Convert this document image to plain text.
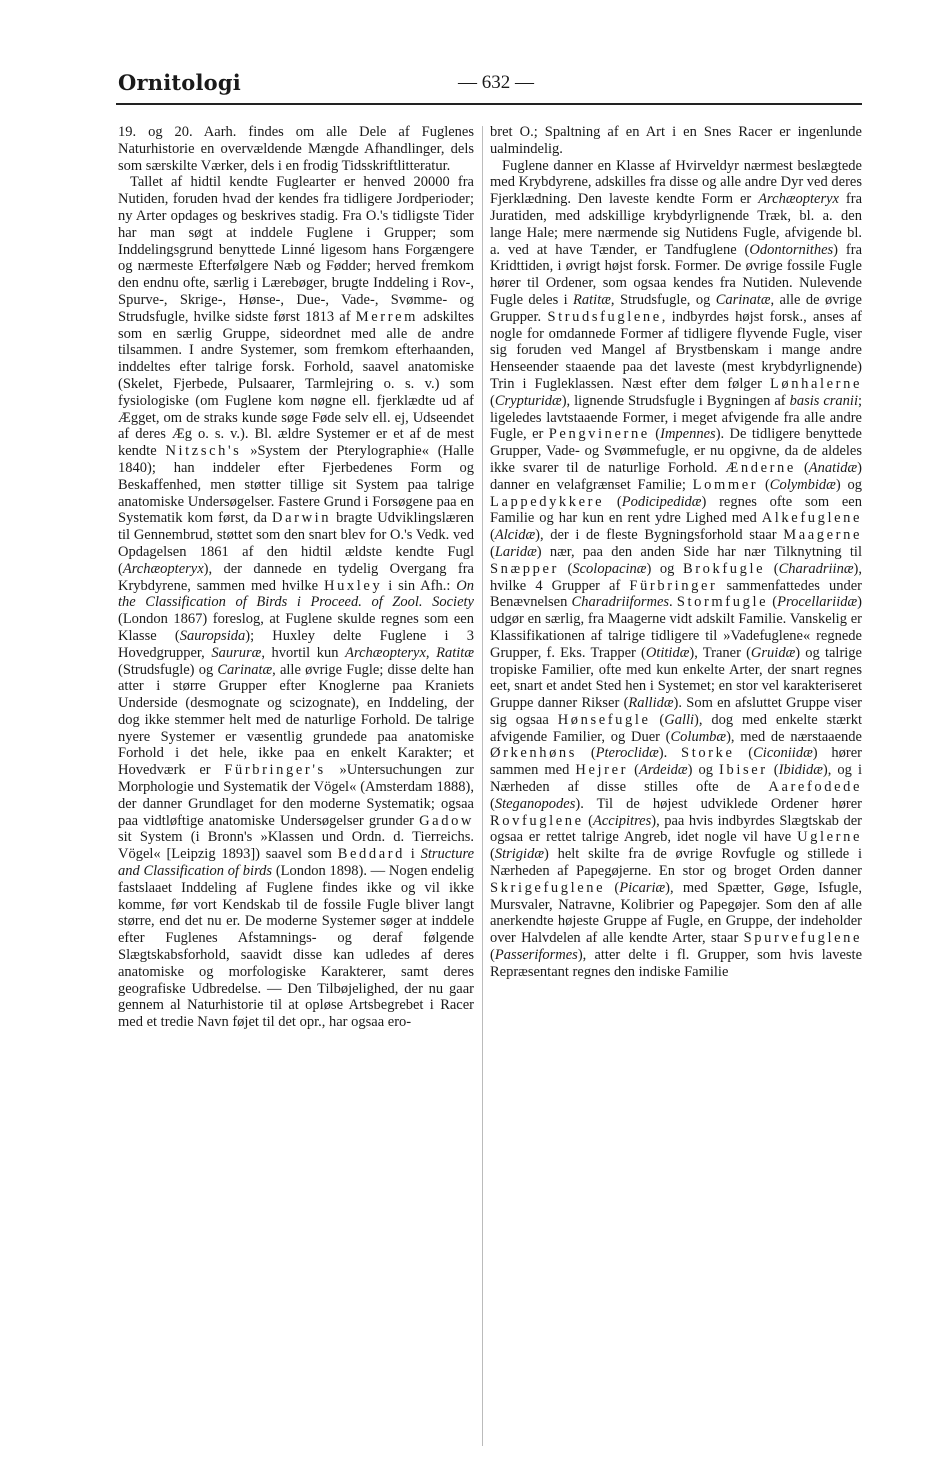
Ornitologi	— 632 —

19. og 20. Aarh. findes om alle Dele af Fuglenes Naturhistorie en overvældende Mængde Afhandlinger, dels som særskilte Værker, dels i en frodig Tidsskriftlitteratur.

Tallet af hidtil kendte Fuglearter er henved 20000 fra Nutiden, foruden hvad der kendes fra tidligere Jordperioder; ny Arter opdages og beskrives stadig. Fra O.'s tidligste Tider har man søgt at inddele Fuglene i Grupper; som Inddelingsgrund benyttede Linné ligesom hans Forgængere og nærmeste Efterfølgere Næb og Fødder; herved fremkom den endnu ofte, særlig i Lærebøger, brugte Inddeling i Rov-, Spurve-, Skrige-, Hønse-, Due-, Vade-, Svømme- og Strudsfugle, hvilke sidste først 1813 af Merrem adskiltes som en særlig Gruppe, sideordnet med alle de andre tilsammen. I andre Systemer, som fremkom efterhaanden, inddeltes efter talrige forsk. Forhold, saavel anatomiske (Skelet, Fjerbede, Pulsaarer, Tarmlejring o. s. v.) som fysiologiske (om Fuglene kom nøgne ell. fjerklædte ud af Ægget, om de straks kunde søge Føde selv ell. ej, Udseendet af deres Æg o. s. v.). Bl. ældre Systemer er et af de mest kendte Nitzsch's »System der Pterylographie« (Halle 1840); han inddeler efter Fjerbedenes Form og Beskaffenhed, men støtter tillige sit System paa talrige anatomiske Undersøgelser. Fastere Grund i Forsøgene paa en Systematik kom først, da Darwin bragte Udviklingslæren til Gennembrud, støttet som den snart blev for O.'s Vedk. ved Opdagelsen 1861 af den hidtil ældste kendte Fugl (Archæopteryx), der dannede en tydelig Overgang fra Krybdyrene, sammen med hvilke Huxley i sin Afh.: On the Classification of Birds i Proceed. of Zool. Society (London 1867) foreslog, at Fuglene skulde regnes som een Klasse (Sauropsida); Huxley delte Fuglene i 3 Hovedgrupper, Saururæ, hvortil kun Archæopteryx, Ratitæ (Strudsfugle) og Carinatæ, alle øvrige Fugle; disse delte han atter i større Grupper efter Knoglerne paa Kraniets Underside (desmognate og scizognate), en Inddeling, der dog ikke stemmer helt med de naturlige Forhold. De talrige nyere Systemer er væsentlig grundede paa anatomiske Forhold i det hele, ikke paa en enkelt Karakter; et Hovedværk er Fürbringer's »Untersuchungen zur Morphologie und Systematik der Vögel« (Amsterdam 1888), der danner Grundlaget for den moderne Systematik; ogsaa paa vidtløftige anatomiske Undersøgelser grunder Gadow sit System (i Bronn's »Klassen und Ordn. d. Tierreichs. Vögel« [Leipzig 1893]) saavel som Beddard i Structure and Classification of birds (London 1898). — Nogen endelig fastslaaet Inddeling af Fuglene findes ikke og vil ikke komme, før vort Kendskab til de fossile Fugle bliver langt større, end det nu er. De moderne Systemer søger at inddele efter Fuglenes Afstamnings- og deraf følgende Slægtskabsforhold, saavidt disse kan udledes af deres anatomiske og morfologiske Karakterer, samt deres geografiske Udbredelse. — Den Tilbøjelighed, der nu gaar gennem al Naturhistorie til at opløse Artsbegrebet i Racer med et tredie Navn føjet til det opr., har ogsaa ero-

bret O.; Spaltning af en Art i en Snes Racer er ingenlunde ualmindelig.

Fuglene danner en Klasse af Hvirveldyr nærmest beslægtede med Krybdyrene, adskilles fra disse og alle andre Dyr ved deres Fjerklædning. Den laveste kendte Form er Archæopteryx fra Juratiden, med adskillige krybdyrlignende Træk, bl. a. den lange Hale; mere nærmende sig Nutidens Fugle, afvigende bl. a. ved at have Tænder, er Tandfuglene (Odontornithes) fra Kridttiden, i øvrigt højst forsk. Former. De øvrige fossile Fugle hører til Ordener, som ogsaa kendes fra Nutiden. Nulevende Fugle deles i Ratitæ, Strudsfugle, og Carinatæ, alle de øvrige Grupper. Strudsfuglene, indbyrdes højst forsk., anses af nogle for omdannede Former af tidligere flyvende Fugle, viser sig foruden ved Mangel af Brystbenskam i mange andre Henseender staaende paa det laveste (mest krybdyrlignende) Trin i Fugleklassen. Næst efter dem følger Lønhalerne (Crypturidæ), lignende Strudsfugle i Bygningen af basis cranii; ligeledes lavtstaaende Former, i meget afvigende fra alle andre Fugle, er Pengvinerne (Impennes). De tidligere benyttede Grupper, Vade- og Svømmefugle, er nu opgivne, da de aldeles ikke svarer til de naturlige Forhold. Ænderne (Anatidæ) danner en velafgrænset Familie; Lommer (Colymbidæ) og Lappedykkere (Podicipedidæ) regnes ofte som een Familie og har kun en rent ydre Lighed med Alkefuglene (Alcidæ), der i de fleste Bygningsforhold staar Maagerne (Laridæ) nær, paa den anden Side har nær Tilknytning til Snæpper (Scolopacinæ) og Brokfugle (Charadriinæ), hvilke 4 Grupper af Fürbringer sammenfattedes under Benævnelsen Charadriiformes. Stormfugle (Procellariidæ) udgør en særlig, fra Maagerne vidt adskilt Familie. Vanskelig er Klassifikationen af talrige tidligere til »Vadefuglene« regnede Grupper, f. Eks. Trapper (Otitidæ), Traner (Gruidæ) og talrige tropiske Familier, ofte med kun enkelte Arter, der snart regnes eet, snart et andet Sted hen i Systemet; en stor vel karakteriseret Gruppe danner Rikser (Rallidæ). Som en afsluttet Gruppe viser sig ogsaa Hønsefugle (Galli), dog med enkelte stærkt afvigende Familier, og Duer (Columbæ), med de nærstaaende Ørkenhøns (Pteroclidæ). Storke (Ciconiidæ) hører sammen med Hejrer (Ardeidæ) og Ibiser (Ibididæ), og i Nærheden af disse stilles ofte de Aarefodede (Steganopodes). Til de højest udviklede Ordener hører Rovfuglene (Accipitres), paa hvis indbyrdes Slægtskab der ogsaa er rettet talrige Angreb, idet nogle vil have Uglerne (Strigidæ) helt skilte fra de øvrige Rovfugle og stillede i Nærheden af Papegøjerne. En stor og broget Orden danner Skrigefuglene (Picariæ), med Spætter, Gøge, Isfugle, Mursvaler, Natravne, Kolibrier og Papegøjer. Som den af alle anerkendte højeste Gruppe af Fugle, en Gruppe, der indeholder over Halvdelen af alle kendte Arter, staar Spurvefuglene (Passeriformes), atter delte i fl. Grupper, som hvis laveste Repræsentant regnes den indiske Familie
